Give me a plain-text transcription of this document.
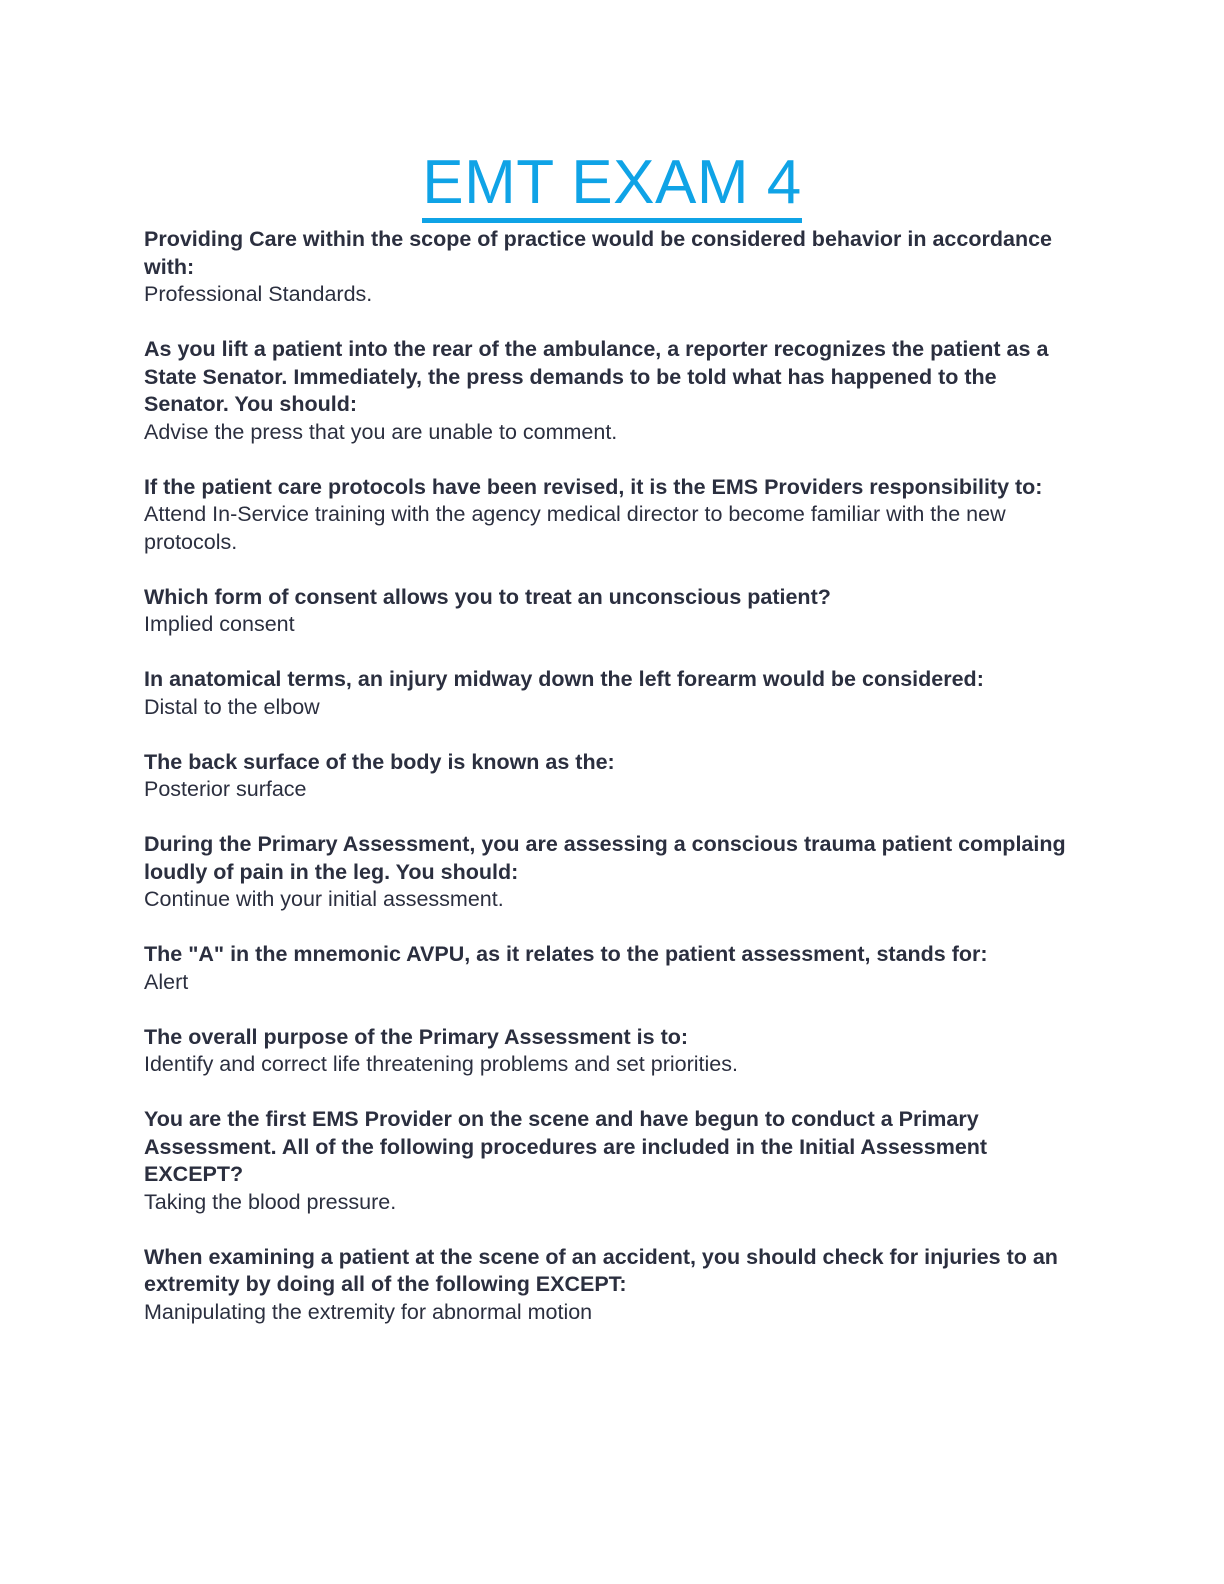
EMT EXAM 4

Providing Care within the scope of practice would be considered behavior in accordance with:

Professional Standards.

As you lift a patient into the rear of the ambulance, a reporter recognizes the patient as a State Senator. Immediately, the press demands to be told what has happened to the Senator. You should:

Advise the press that you are unable to comment.

If the patient care protocols have been revised, it is the EMS Providers responsibility to:

Attend In-Service training with the agency medical director to become familiar with the new protocols.

Which form of consent allows you to treat an unconscious patient?

Implied consent

In anatomical terms, an injury midway down the left forearm would be considered:

Distal to the elbow

The back surface of the body is known as the:

Posterior surface

During the Primary Assessment, you are assessing a conscious trauma patient complaing loudly of pain in the leg. You should:

Continue with your initial assessment.

The "A" in the mnemonic AVPU, as it relates to the patient assessment, stands for:

Alert

The overall purpose of the Primary Assessment is to:

Identify and correct life threatening problems and set priorities.

You are the first EMS Provider on the scene and have begun to conduct a Primary Assessment. All of the following procedures are included in the Initial Assessment EXCEPT?

Taking the blood pressure.

When examining a patient at the scene of an accident, you should check for injuries to an extremity by doing all of the following EXCEPT:

Manipulating the extremity for abnormal motion
